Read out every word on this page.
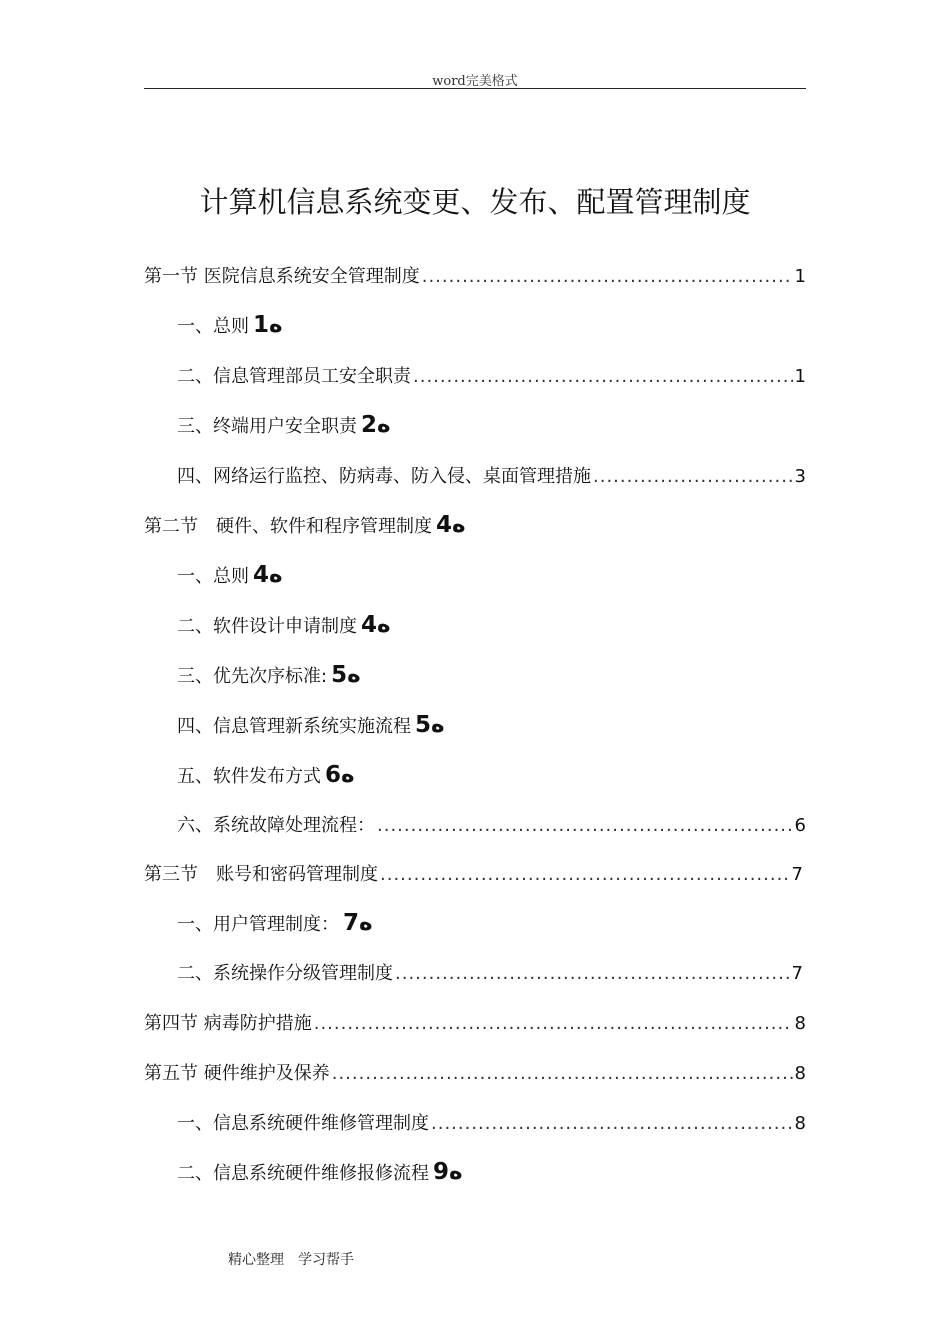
word完美格式
计算机信息系统变更、发布、配置管理制度
第一节 医院信息系统安全管理制度 .....	1
一、总则 1ه
二、信息管理部员工安全职责 .....	1
三、终端用户安全职责 2ه
四、网络运行监控、防病毒、防入侵、桌面管理措施 .....	3
第二节　硬件、软件和程序管理制度 4ه
一、总则 4ه
二、软件设计申请制度 4ه
三、优先次序标准: 5ه
四、信息管理新系统实施流程 5ه
五、软件发布方式 6ه
六、系统故障处理流程： .....	6
第三节　账号和密码管理制度 .....	7
一、用户管理制度： 7ه
二、系统操作分级管理制度 .....	7
第四节 病毒防护措施 .....	8
第五节 硬件维护及保养 .....	8
一、信息系统硬件维修管理制度 .....	8
二、信息系统硬件维修报修流程 9ه
精心整理　学习帮手
